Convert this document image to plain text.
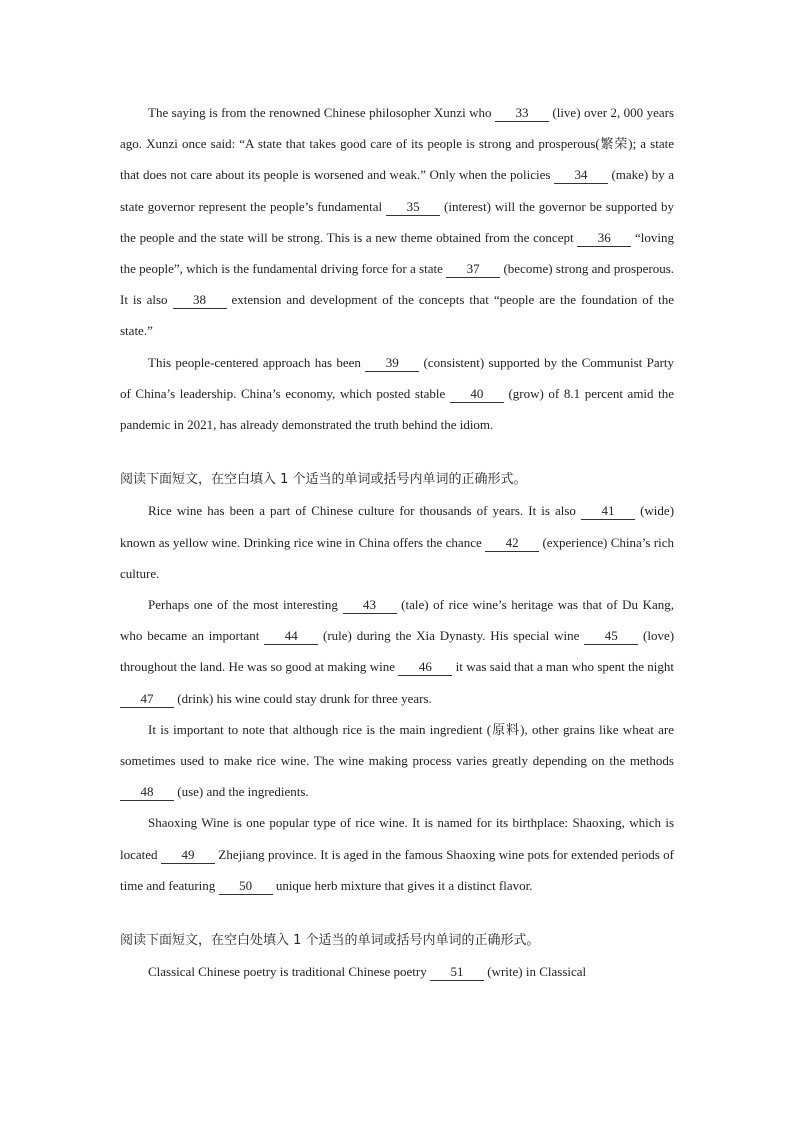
The saying is from the renowned Chinese philosopher Xunzi who 33 (live) over 2, 000 years ago. Xunzi once said: “A state that takes good care of its people is strong and prosperous(繁荣); a state that does not care about its people is worsened and weak.” Only when the policies 34 (make) by a state governor represent the people’s fundamental 35 (interest) will the governor be supported by the people and the state will be strong. This is a new theme obtained from the concept 36 “loving the people”, which is the fundamental driving force for a state 37 (become) strong and prosperous. It is also 38 extension and development of the concepts that “people are the foundation of the state.”

This people-centered approach has been 39 (consistent) supported by the Communist Party of China’s leadership. China’s economy, which posted stable 40 (grow) of 8.1 percent amid the pandemic in 2021, has already demonstrated the truth behind the idiom.

阅读下面短文，在空白填入 1 个适当的单词或括号内单词的正确形式。

Rice wine has been a part of Chinese culture for thousands of years. It is also 41 (wide) known as yellow wine. Drinking rice wine in China offers the chance 42 (experience) China’s rich culture.

Perhaps one of the most interesting 43 (tale) of rice wine’s heritage was that of Du Kang, who became an important 44 (rule) during the Xia Dynasty. His special wine 45 (love) throughout the land. He was so good at making wine 46 it was said that a man who spent the night 47 (drink) his wine could stay drunk for three years.

It is important to note that although rice is the main ingredient (原料), other grains like wheat are sometimes used to make rice wine. The wine making process varies greatly depending on the methods 48 (use) and the ingredients.

Shaoxing Wine is one popular type of rice wine. It is named for its birthplace: Shaoxing, which is located 49 Zhejiang province. It is aged in the famous Shaoxing wine pots for extended periods of time and featuring 50 unique herb mixture that gives it a distinct flavor.

阅读下面短文，在空白处填入 1 个适当的单词或括号内单词的正确形式。

Classical Chinese poetry is traditional Chinese poetry 51 (write) in Classical
